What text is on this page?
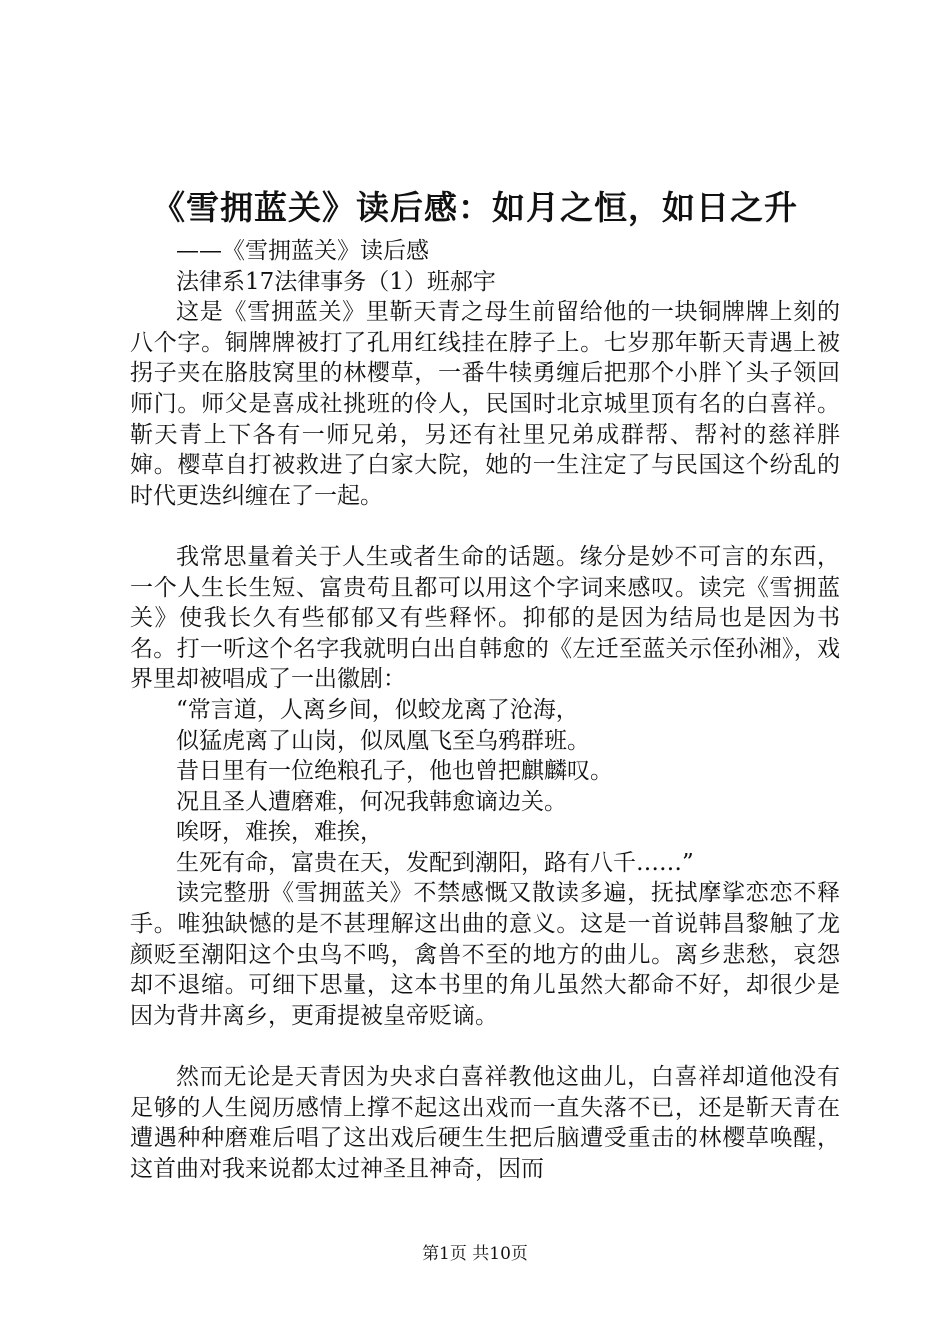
《雪拥蓝关》读后感：如月之恒，如日之升

——《雪拥蓝关》读后感

法律系17法律事务（1）班郝宇

这是《雪拥蓝关》里靳天青之母生前留给他的一块铜牌牌上刻的八个字。铜牌牌被打了孔用红线挂在脖子上。七岁那年靳天青遇上被拐子夹在胳肢窝里的林樱草，一番牛犊勇缠后把那个小胖丫头子领回师门。师父是喜成社挑班的伶人，民国时北京城里顶有名的白喜祥。靳天青上下各有一师兄弟，另还有社里兄弟成群帮、帮衬的慈祥胖婶。樱草自打被救进了白家大院，她的一生注定了与民国这个纷乱的时代更迭纠缠在了一起。

我常思量着关于人生或者生命的话题。缘分是妙不可言的东西，一个人生长生短、富贵苟且都可以用这个字词来感叹。读完《雪拥蓝关》使我长久有些郁郁又有些释怀。抑郁的是因为结局也是因为书名。打一听这个名字我就明白出自韩愈的《左迁至蓝关示侄孙湘》，戏界里却被唱成了一出徽剧：

“常言道，人离乡间，似蛟龙离了沧海，

似猛虎离了山岗，似凤凰飞至乌鸦群班。

昔日里有一位绝粮孔子，他也曾把麒麟叹。

况且圣人遭磨难，何况我韩愈谪边关。

唉呀，难挨，难挨，

生死有命，富贵在天，发配到潮阳，路有八千……”

读完整册《雪拥蓝关》不禁感慨又散读多遍，抚拭摩挲恋恋不释手。唯独缺憾的是不甚理解这出曲的意义。这是一首说韩昌黎触了龙颜贬至潮阳这个虫鸟不鸣，禽兽不至的地方的曲儿。离乡悲愁，哀怨却不退缩。可细下思量，这本书里的角儿虽然大都命不好，却很少是因为背井离乡，更甭提被皇帝贬谪。

然而无论是天青因为央求白喜祥教他这曲儿，白喜祥却道他没有足够的人生阅历感情上撑不起这出戏而一直失落不已，还是靳天青在遭遇种种磨难后唱了这出戏后硬生生把后脑遭受重击的林樱草唤醒，这首曲对我来说都太过神圣且神奇，因而

第1页 共10页
